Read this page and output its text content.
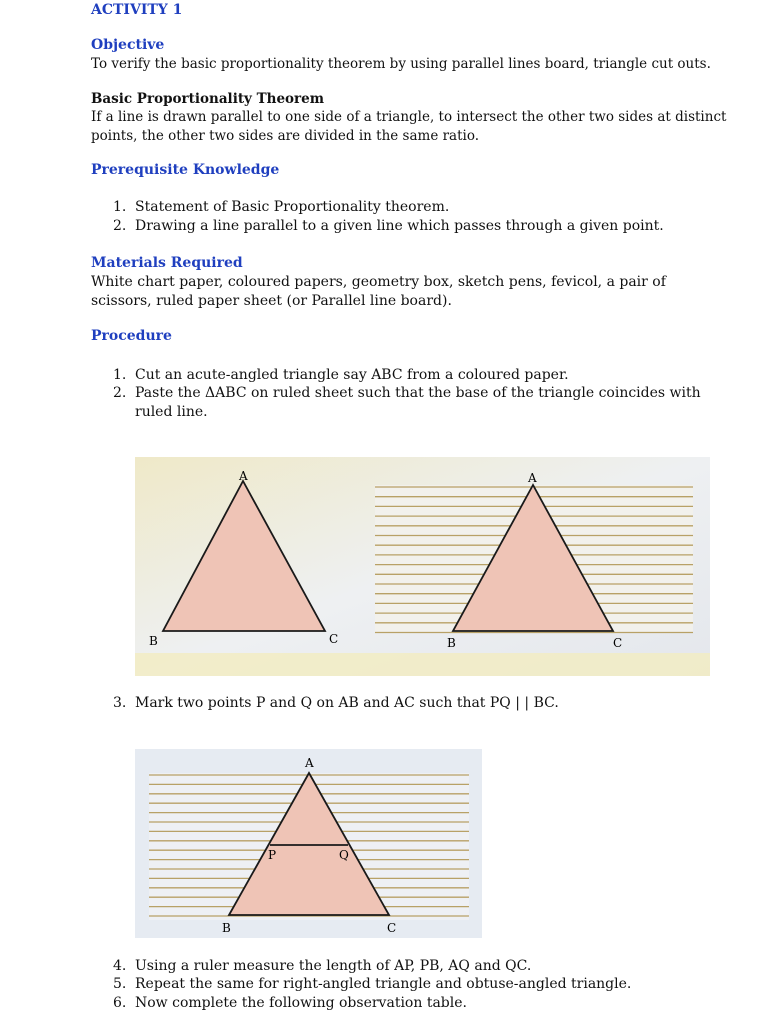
ACTIVITY 1
Objective
To verify the basic proportionality theorem by using parallel lines board, triangle cut outs.
Basic Proportionality Theorem
If a line is drawn parallel to one side of a triangle, to intersect the other two sides at distinct
points, the other two sides are divided in the same ratio.
Prerequisite Knowledge
1. Statement of Basic Proportionality theorem.
2. Drawing a line parallel to a given line which passes through a given point.
Materials Required
White chart paper, coloured papers, geometry box, sketch pens, fevicol, a pair of
scissors, ruled paper sheet (or Parallel line board).
Procedure
1. Cut an acute-angled triangle say ABC from a coloured paper.
2. Paste the ΔABC on ruled sheet such that the base of the triangle coincides with
ruled line.
A
B	C
A
B	C
3. Mark two points P and Q on AB and AC such that PQ | | BC.
A
B	C
P	Q
4. Using a ruler measure the length of AP, PB, AQ and QC.
5. Repeat the same for right-angled triangle and obtuse-angled triangle.
6. Now complete the following observation table.
